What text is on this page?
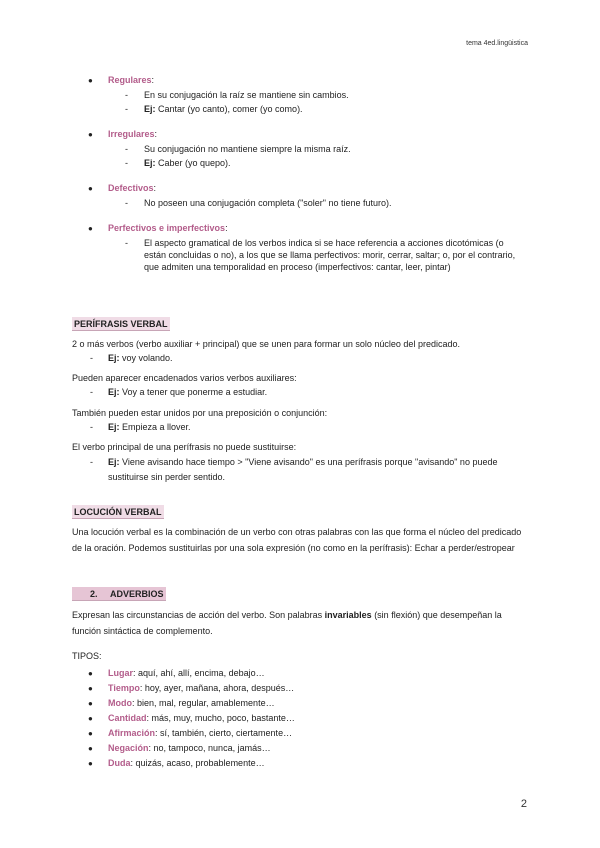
tema 4ed.lingüistica
●	Regulares :
-	En su conjugación la raíz se mantiene sin cambios.
-	Ej: Cantar (yo canto), comer (yo como).
●	Irregulares :
-	Su conjugación no mantiene siempre la misma raíz.
-	Ej: Caber (yo quepo).
●	Defectivos :
-	No poseen una conjugación completa ("soler" no tiene futuro).
●	Perfectivos e imperfectivos :
-	El aspecto gramatical de los verbos indica si se hace referencia a acciones dicotómicas (o están concluidas o no), a los que se llama perfectivos: morir, cerrar, saltar; o, por el contrario, que admiten una temporalidad en proceso (imperfectivos: cantar, leer, pintar)
PERÍFRASIS VERBAL

2 o más verbos (verbo auxiliar + principal) que se unen para formar un solo núcleo del predicado.

-	Ej: voy volando.

Pueden aparecer encadenados varios verbos auxiliares:

-	Ej: Voy a tener que ponerme a estudiar.

También pueden estar unidos por una preposición o conjunción:

-	Ej: Empieza a llover.

El verbo principal de una perífrasis no puede sustituirse:

-	Ej: Viene avisando hace tiempo > "Viene avisando" es una perífrasis porque "avisando" no puede sustituirse sin perder sentido.
LOCUCIÓN VERBAL
Una locución verbal es la combinación de un verbo con otras palabras con las que forma el núcleo del predicado de la oración. Podemos sustituirlas por una sola expresión (no como en la perífrasis): Echar a perder/estropear
2. ADVERBIOS
Expresan las circunstancias de acción del verbo. Son palabras invariables (sin flexión) que desempeñan la función sintáctica de complemento.
TIPOS:
●	Lugar : aquí, ahí, allí, encima, debajo…
●	Tiempo : hoy, ayer, mañana, ahora, después…
●	Modo : bien, mal, regular, amablemente…
●	Cantidad : más, muy, mucho, poco, bastante…
●	Afirmación : sí, también, cierto, ciertamente…
●	Negación : no, tampoco, nunca, jamás…
●	Duda : quizás, acaso, probablemente…
2
